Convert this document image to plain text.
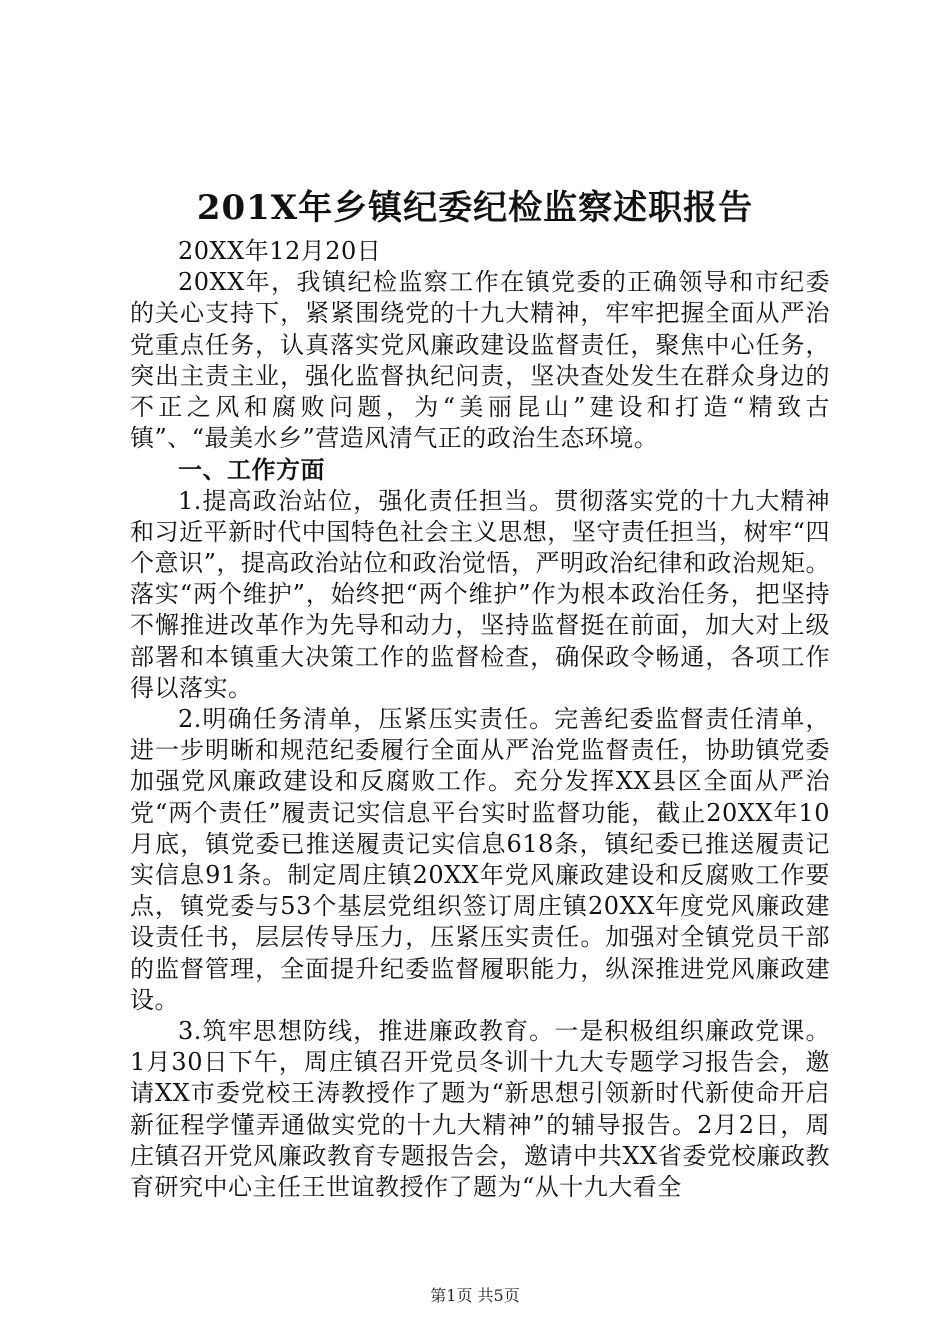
201X年乡镇纪委纪检监察述职报告

20XX年12月20日

20XX年，我镇纪检监察工作在镇党委的正确领导和市纪委的关心支持下，紧紧围绕党的十九大精神，牢牢把握全面从严治党重点任务，认真落实党风廉政建设监督责任，聚焦中心任务，突出主责主业，强化监督执纪问责，坚决查处发生在群众身边的不正之风和腐败问题，为“美丽昆山”建设和打造“精致古镇”、“最美水乡”营造风清气正的政治生态环境。

一、工作方面

1.提高政治站位，强化责任担当。贯彻落实党的十九大精神和习近平新时代中国特色社会主义思想，坚守责任担当，树牢“四个意识”，提高政治站位和政治觉悟，严明政治纪律和政治规矩。落实“两个维护”，始终把“两个维护”作为根本政治任务，把坚持不懈推进改革作为先导和动力，坚持监督挺在前面，加大对上级部署和本镇重大决策工作的监督检查，确保政令畅通，各项工作得以落实。

2.明确任务清单，压紧压实责任。完善纪委监督责任清单，进一步明晰和规范纪委履行全面从严治党监督责任，协助镇党委加强党风廉政建设和反腐败工作。充分发挥XX县区全面从严治党“两个责任”履责记实信息平台实时监督功能，截止20XX年10月底，镇党委已推送履责记实信息618条，镇纪委已推送履责记实信息91条。制定周庄镇20XX年党风廉政建设和反腐败工作要点，镇党委与53个基层党组织签订周庄镇20XX年度党风廉政建设责任书，层层传导压力，压紧压实责任。加强对全镇党员干部的监督管理，全面提升纪委监督履职能力，纵深推进党风廉政建设。

3.筑牢思想防线，推进廉政教育。一是积极组织廉政党课。1月30日下午，周庄镇召开党员冬训十九大专题学习报告会，邀请XX市委党校王涛教授作了题为“新思想引领新时代新使命开启新征程学懂弄通做实党的十九大精神”的辅导报告。2月2日，周庄镇召开党风廉政教育专题报告会，邀请中共XX省委党校廉政教育研究中心主任王世谊教授作了题为“从十九大看全

第1页 共5页
